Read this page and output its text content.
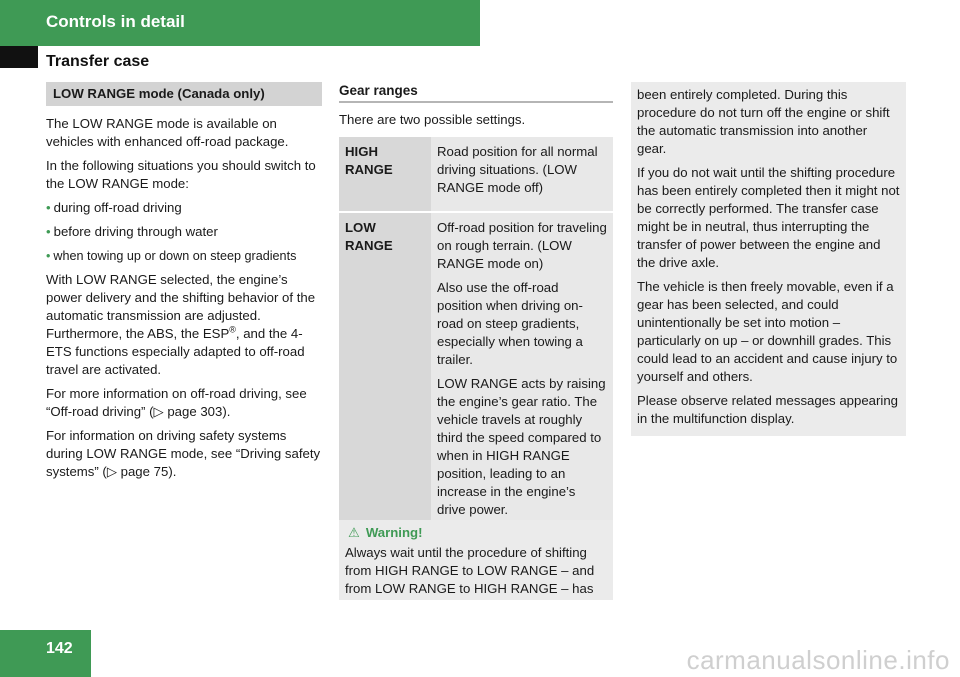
Controls in detail
Transfer case
LOW RANGE mode (Canada only)

The LOW RANGE mode is available on vehicles with enhanced off-road package.

In the following situations you should switch to the LOW RANGE mode:

• during off-road driving
• before driving through water
• when towing up or down on steep gradients

With LOW RANGE selected, the engine’s power delivery and the shifting behavior of the automatic transmission are adjusted. Furthermore, the ABS, the ESP®, and the 4-ETS functions especially adapted to off-road travel are activated.

For more information on off-road driving, see “Off-road driving” (▷ page 303).

For information on driving safety systems during LOW RANGE mode, see “Driving safety systems” (▷ page 75).

Gear ranges

There are two possible settings.

HIGH RANGE	Road position for all normal driving situations. (LOW RANGE mode off)

LOW RANGE	Off-road position for traveling on rough terrain. (LOW RANGE mode on)

Also use the off-road position when driving on-road on steep gradients, especially when towing a trailer.

LOW RANGE acts by raising the engine’s gear ratio. The vehicle travels at roughly third the speed compared to when in HIGH RANGE position, leading to an increase in the engine’s drive power.

⚠ Warning!
Always wait until the procedure of shifting from HIGH RANGE to LOW RANGE – and from LOW RANGE to HIGH RANGE – has

been entirely completed. During this procedure do not turn off the engine or shift the automatic transmission into another gear.

If you do not wait until the shifting procedure has been entirely completed then it might not be correctly performed. The transfer case might be in neutral, thus interrupting the transfer of power between the engine and the drive axle.

The vehicle is then freely movable, even if a gear has been selected, and could unintentionally be set into motion – particularly on up – or downhill grades. This could lead to an accident and cause injury to yourself and others.

Please observe related messages appearing in the multifunction display.

142	carmanualsonline.info
